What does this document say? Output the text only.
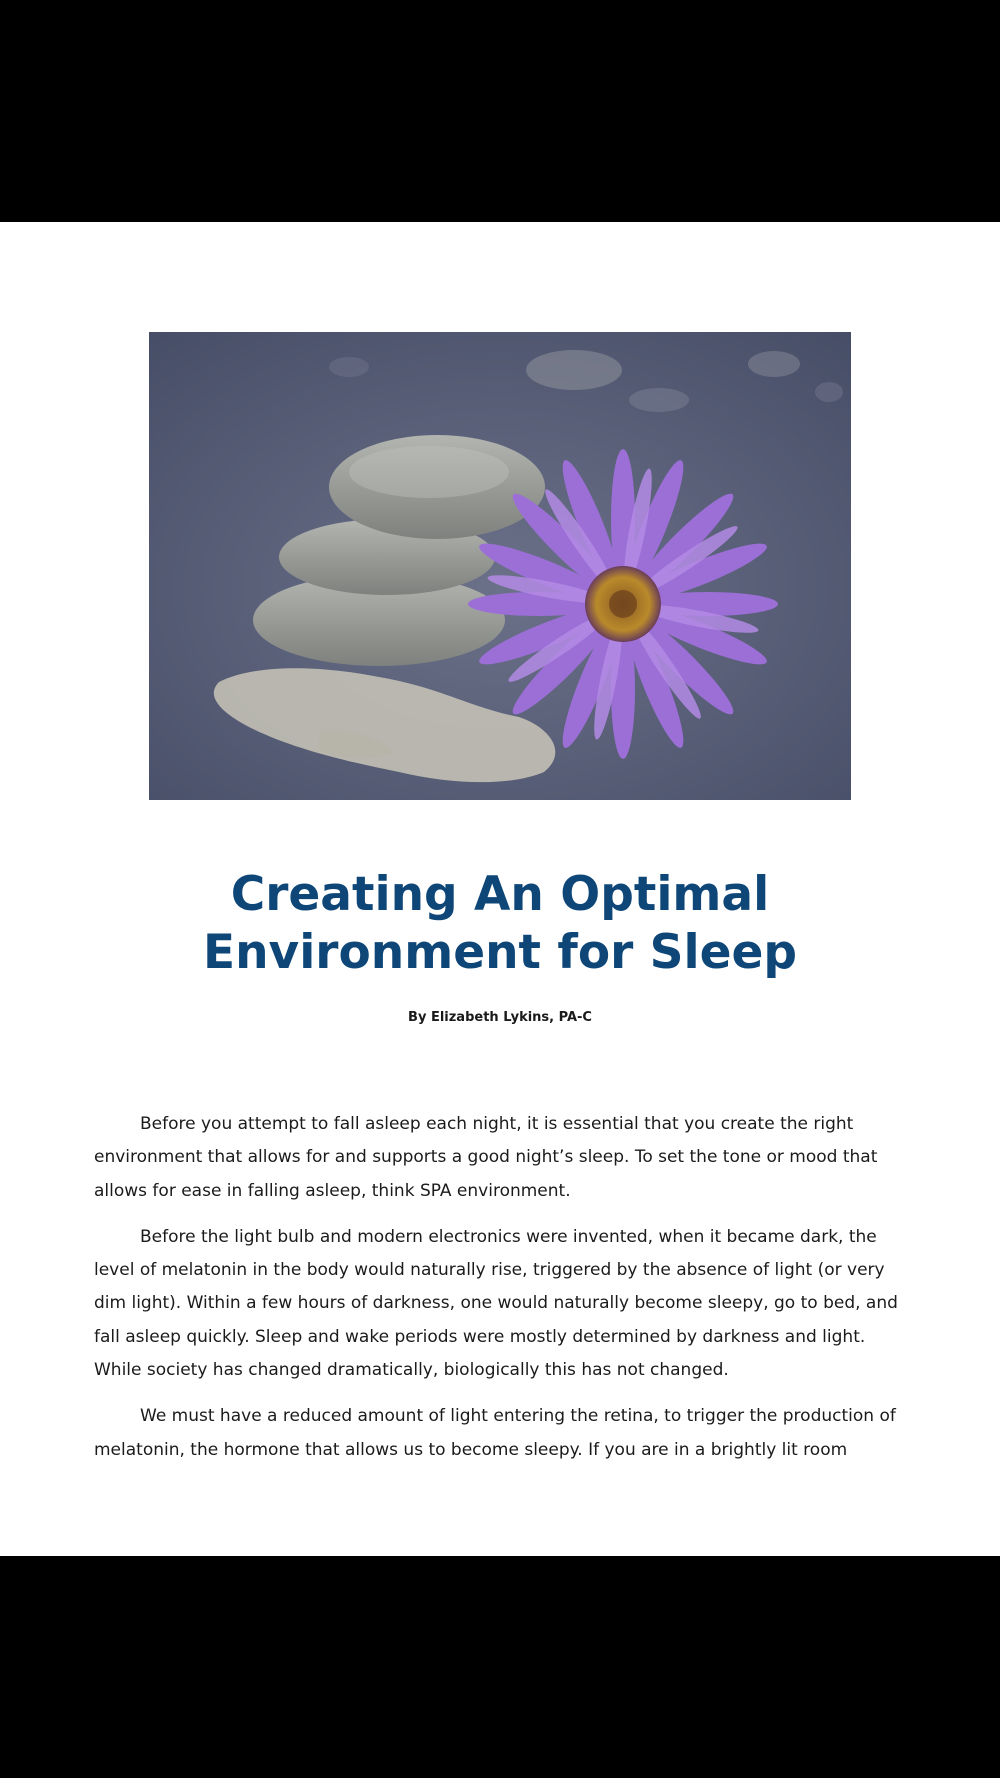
Creating An Optimal
Environment for Sleep
By Elizabeth Lykins, PA-C

Before you attempt to fall asleep each night, it is essential that you create the right environment that allows for and supports a good night’s sleep. To set the tone or mood that allows for ease in falling asleep, think SPA environment.

Before the light bulb and modern electronics were invented, when it became dark, the level of melatonin in the body would naturally rise, triggered by the absence of light (or very dim light). Within a few hours of darkness, one would naturally become sleepy, go to bed, and fall asleep quickly. Sleep and wake periods were mostly determined by darkness and light. While society has changed dramatically, biologically this has not changed.

We must have a reduced amount of light entering the retina, to trigger the production of melatonin, the hormone that allows us to become sleepy. If you are in a brightly lit room
